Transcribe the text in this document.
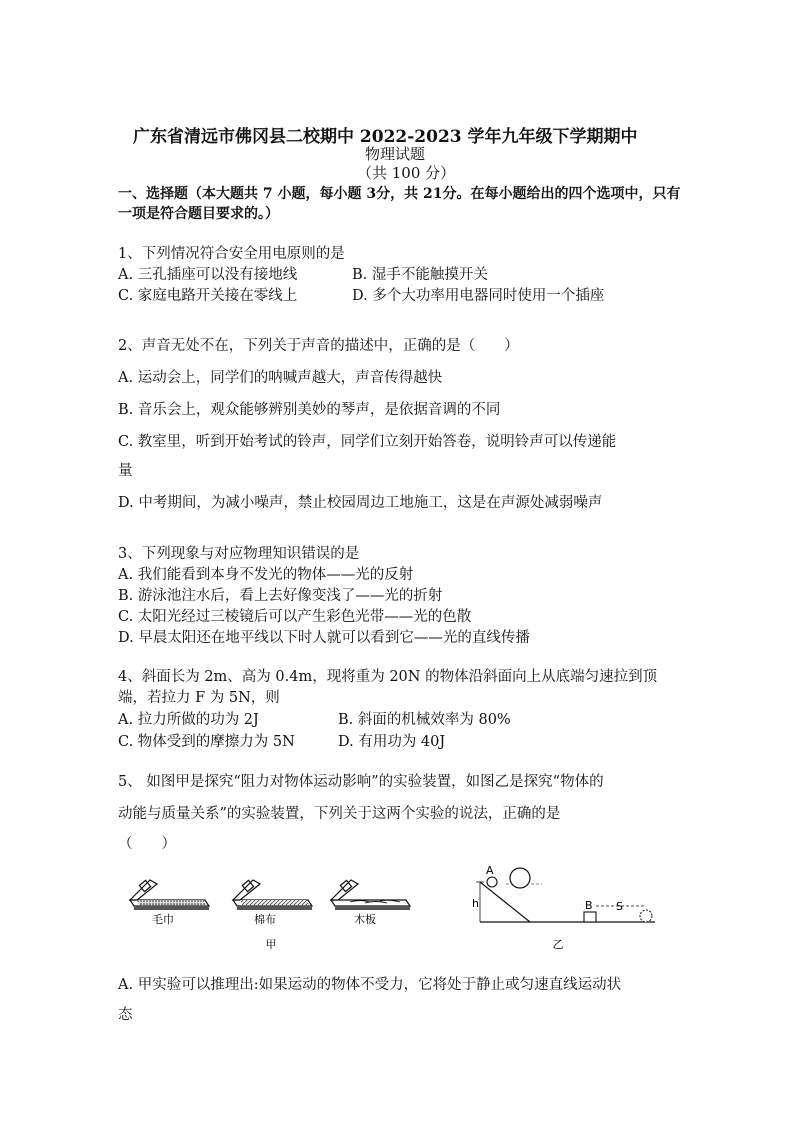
广东省清远市佛冈县二校期中 2022-2023 学年九年级下学期期中
物理试题
（共 100 分）
一、选择题（本大题共 7 小题，每小题 3分，共 21分。在每小题给出的四个选项中，只有
一项是符合题目要求的。）
1、下列情况符合安全用电原则的是
A. 三孔插座可以没有接地线	B. 湿手不能触摸开关
C. 家庭电路开关接在零线上	D. 多个大功率用电器同时使用一个插座
2、声音无处不在，下列关于声音的描述中，正确的是（　　）
A. 运动会上，同学们的呐喊声越大，声音传得越快
B. 音乐会上，观众能够辨别美妙的琴声，是依据音调的不同
C. 教室里，听到开始考试的铃声，同学们立刻开始答卷，说明铃声可以传递能
量
D. 中考期间，为减小噪声，禁止校园周边工地施工，这是在声源处减弱噪声
3、下列现象与对应物理知识错误的是
A. 我们能看到本身不发光的物体——光的反射
B. 游泳池注水后，看上去好像变浅了——光的折射
C. 太阳光经过三棱镜后可以产生彩色光带——光的色散
D. 早晨太阳还在地平线以下时人就可以看到它——光的直线传播
4、斜面长为 2m、高为 0.4m，现将重为 20N 的物体沿斜面向上从底端匀速拉到顶
端，若拉力 F 为 5N，则
A. 拉力所做的功为 2J	B. 斜面的机械效率为 80%
C. 物体受到的摩擦力为 5N	D. 有用功为 40J
5、 如图甲是探究“阻力对物体运动影响”的实验装置，如图乙是探究“物体的
动能与质量关系”的实验装置，下列关于这两个实验的说法，正确的是
（　　）
毛巾	棉布	木板
甲
A
h	B S
乙
A. 甲实验可以推理出:如果运动的物体不受力，它将处于静止或匀速直线运动状
态
